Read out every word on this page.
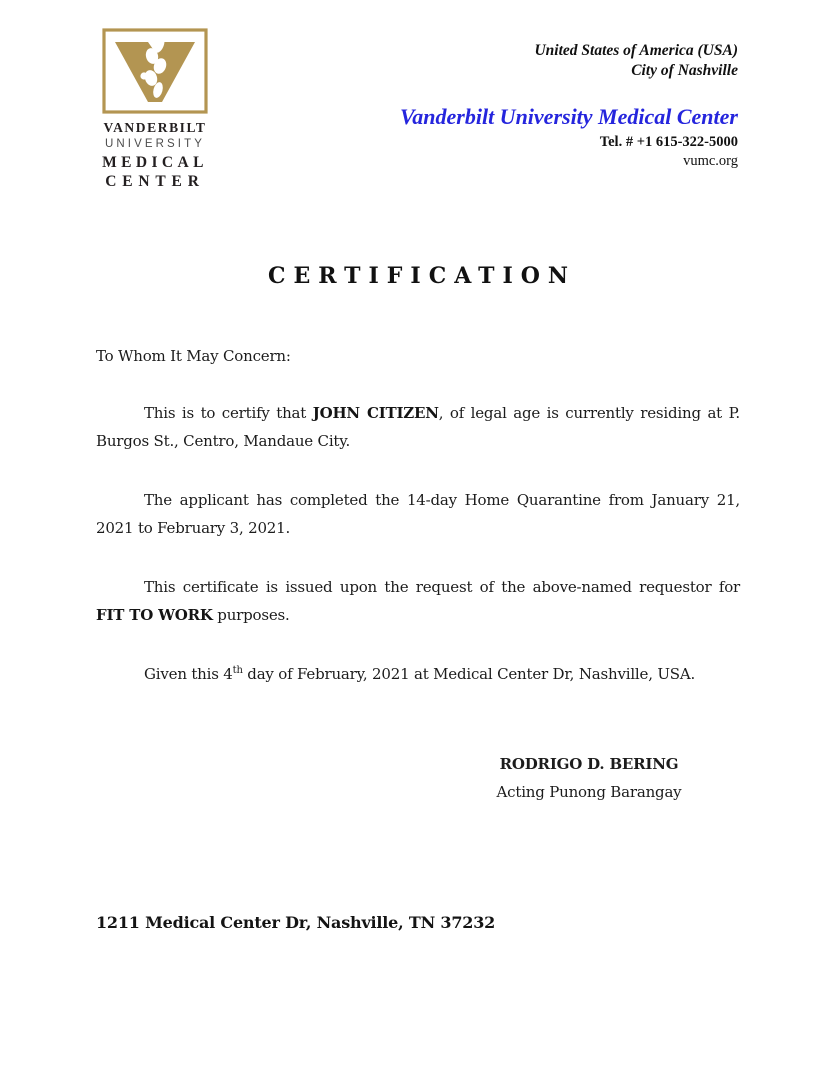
VANDERBILT
UNIVERSITY
MEDICAL
CENTER
United States of America (USA)
City of Nashville
Vanderbilt University Medical Center
Tel. # +1 615-322-5000
vumc.org
CERTIFICATION

To Whom It May Concern:

This is to certify that JOHN CITIZEN, of legal age is currently residing at P. Burgos St., Centro, Mandaue City.

The applicant has completed the 14-day Home Quarantine from January 21, 2021 to February 3, 2021.

This certificate is issued upon the request of the above-named requestor for FIT TO WORK purposes.

Given this 4th day of February, 2021 at Medical Center Dr, Nashville, USA.

RODRIGO D. BERING
Acting Punong Barangay
1211 Medical Center Dr, Nashville, TN 37232
